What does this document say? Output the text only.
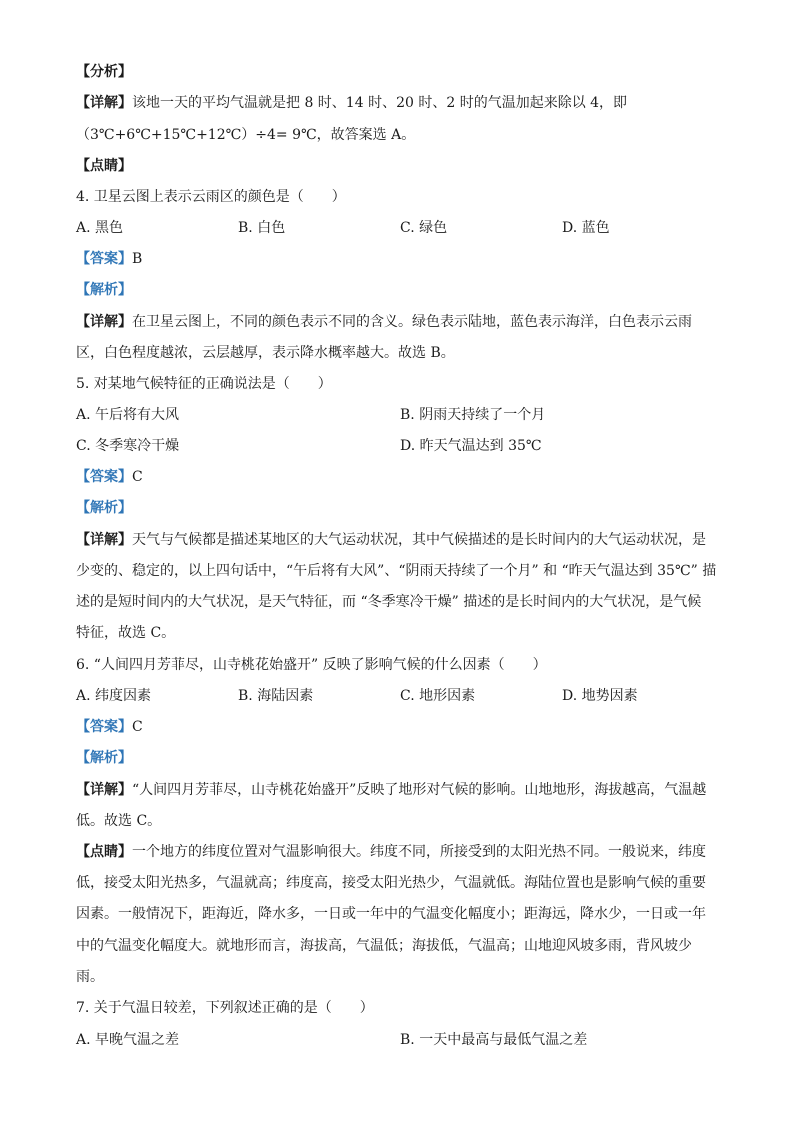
【分析】
【详解】该地一天的平均气温就是把 8 时、14 时、20 时、2 时的气温加起来除以 4，即
（3℃+6℃+15℃+12℃）÷4= 9℃，故答案选 A。
【点睛】
4. 卫星云图上表示云雨区的颜色是（　　）
A. 黑色	B. 白色	C. 绿色	D. 蓝色
【答案】B
【解析】
【详解】在卫星云图上，不同的颜色表示不同的含义。绿色表示陆地，蓝色表示海洋，白色表示云雨
区，白色程度越浓，云层越厚，表示降水概率越大。故选 B。
5. 对某地气候特征的正确说法是（　　）
A. 午后将有大风	B. 阴雨天持续了一个月
C. 冬季寒冷干燥	D. 昨天气温达到 35℃
【答案】C
【解析】
【详解】天气与气候都是描述某地区的大气运动状况，其中气候描述的是长时间内的大气运动状况，是
少变的、稳定的，以上四句话中，“午后将有大风”、“阴雨天持续了一个月” 和 “昨天气温达到 35℃” 描
述的是短时间内的大气状况，是天气特征，而 “冬季寒冷干燥” 描述的是长时间内的大气状况，是气候
特征，故选 C。
6. “人间四月芳菲尽，山寺桃花始盛开” 反映了影响气候的什么因素（　　）
A. 纬度因素	B. 海陆因素	C. 地形因素	D. 地势因素
【答案】C
【解析】
【详解】“人间四月芳菲尽，山寺桃花始盛开”反映了地形对气候的影响。山地地形，海拔越高，气温越
低。故选 C。
【点睛】一个地方的纬度位置对气温影响很大。纬度不同，所接受到的太阳光热不同。一般说来，纬度
低，接受太阳光热多，气温就高；纬度高，接受太阳光热少，气温就低。海陆位置也是影响气候的重要
因素。一般情况下，距海近，降水多，一日或一年中的气温变化幅度小；距海远，降水少，一日或一年
中的气温变化幅度大。就地形而言，海拔高，气温低；海拔低，气温高；山地迎风坡多雨，背风坡少
雨。
7. 关于气温日较差，下列叙述正确的是（　　）
A. 早晚气温之差	B. 一天中最高与最低气温之差
